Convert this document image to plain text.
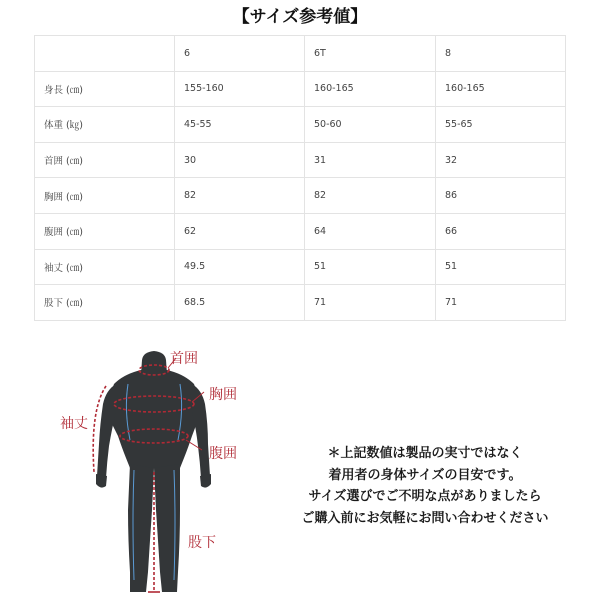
【サイズ参考値】
	6	6T	8
身長 (㎝)	155-160	160-165	160-165
体重 (㎏)	45-55	50-60	55-65
首囲 (㎝)	30	31	32
胸囲 (㎝)	82	82	86
腹囲 (㎝)	62	64	66
袖丈 (㎝)	49.5	51	51
股下 (㎝)	68.5	71	71
首囲
胸囲
腹囲
袖丈
股下
＊上記数値は製品の実寸ではなく
着用者の身体サイズの目安です。
サイズ選びでご不明な点がありましたら
ご購入前にお気軽にお問い合わせください
